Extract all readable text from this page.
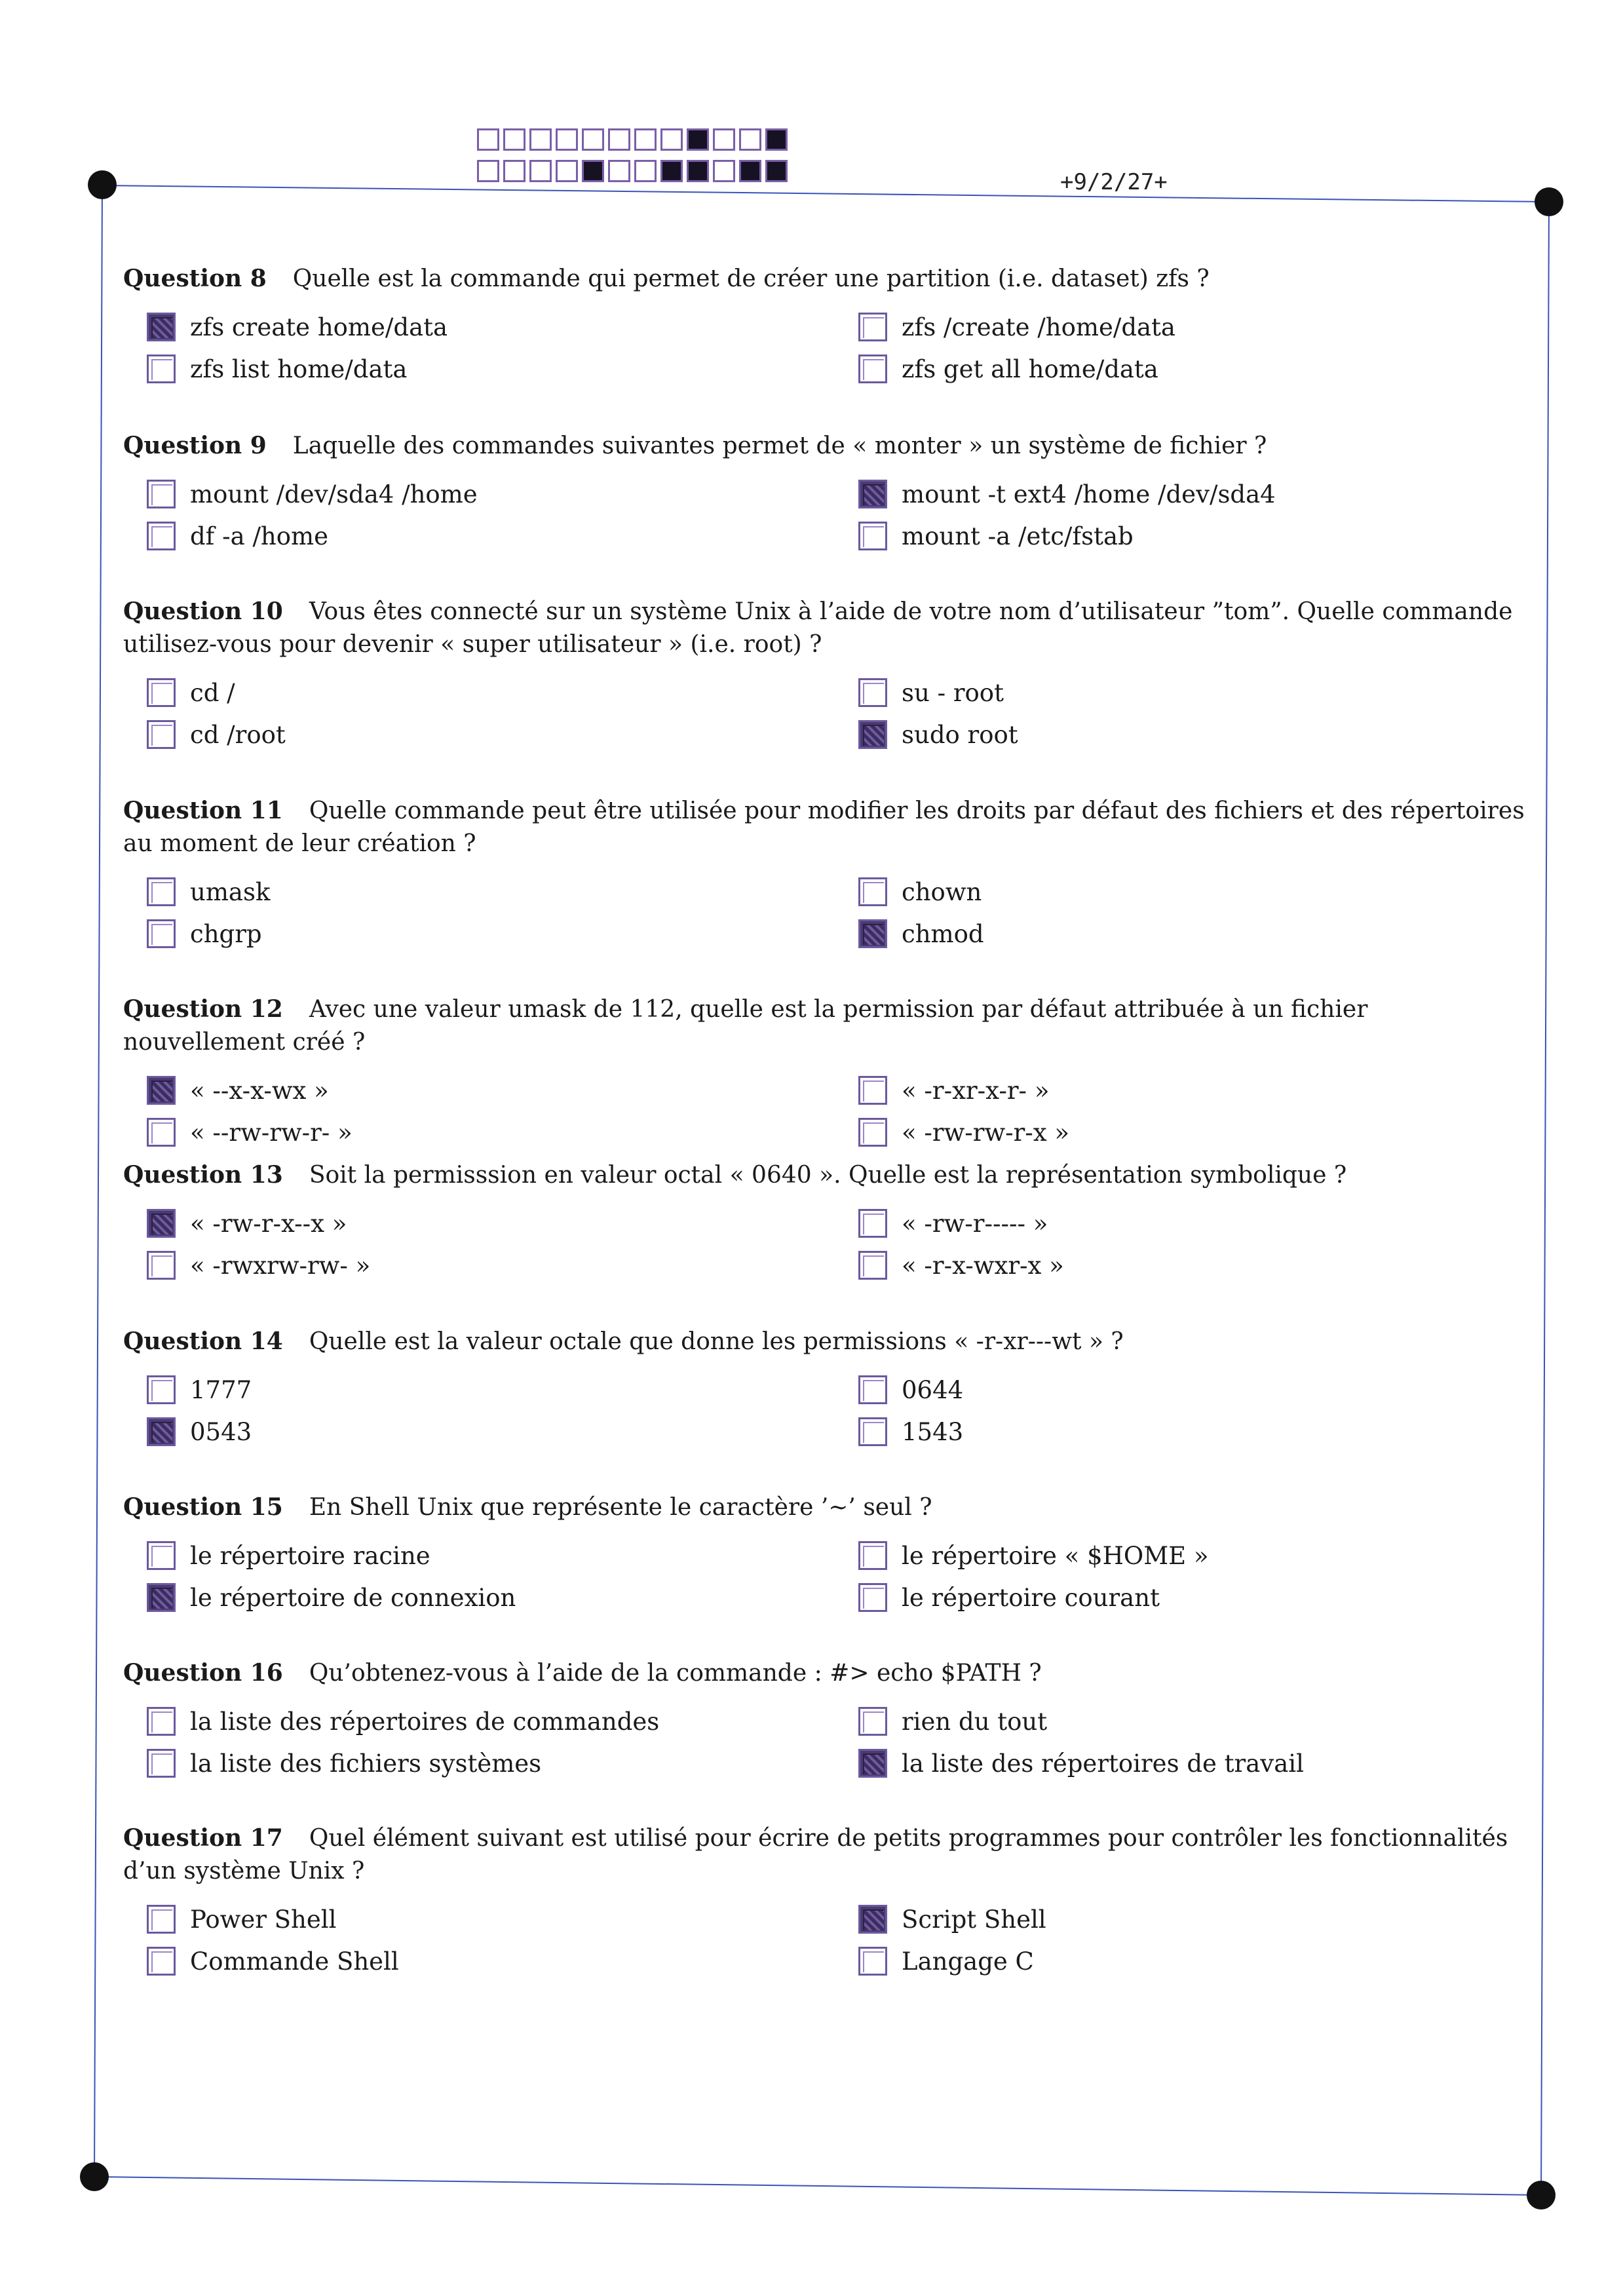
+9/2/27+

Question 8 Quelle est la commande qui permet de créer une partition (i.e. dataset) zfs ?

zfs create home/data
zfs list home/data
zfs /create /home/data
zfs get all home/data

Question 9 Laquelle des commandes suivantes permet de « monter » un système de fichier ?

mount /dev/sda4 /home
df -a /home
mount -t ext4 /home /dev/sda4
mount -a /etc/fstab

Question 10 Vous êtes connecté sur un système Unix à l’aide de votre nom d’utilisateur ”tom”. Quelle commande utilisez-vous pour devenir « super utilisateur » (i.e. root) ?

cd /
cd /root
su - root
sudo root

Question 11 Quelle commande peut être utilisée pour modifier les droits par défaut des fichiers et des répertoires au moment de leur création ?

umask
chgrp
chown
chmod

Question 12 Avec une valeur umask de 112, quelle est la permission par défaut attribuée à un fichier nouvellement créé ?

« --x-x-wx »
« --rw-rw-r- »
« -r-xr-x-r- »
« -rw-rw-r-x »

Question 13 Soit la permisssion en valeur octal « 0640 ». Quelle est la représentation symbolique ?

« -rw-r-x--x »
« -rwxrw-rw- »
« -rw-r----- »
« -r-x-wxr-x »

Question 14 Quelle est la valeur octale que donne les permissions « -r-xr---wt » ?

1777
0543
0644
1543

Question 15 En Shell Unix que représente le caractère ’∼’ seul ?

le répertoire racine
le répertoire de connexion
le répertoire « $HOME »
le répertoire courant

Question 16 Qu’obtenez-vous à l’aide de la commande : #> echo $PATH ?

la liste des répertoires de commandes
la liste des fichiers systèmes
rien du tout
la liste des répertoires de travail

Question 17 Quel élément suivant est utilisé pour écrire de petits programmes pour contrôler les fonctionnalités d’un système Unix ?

Power Shell
Commande Shell
Script Shell
Langage C
